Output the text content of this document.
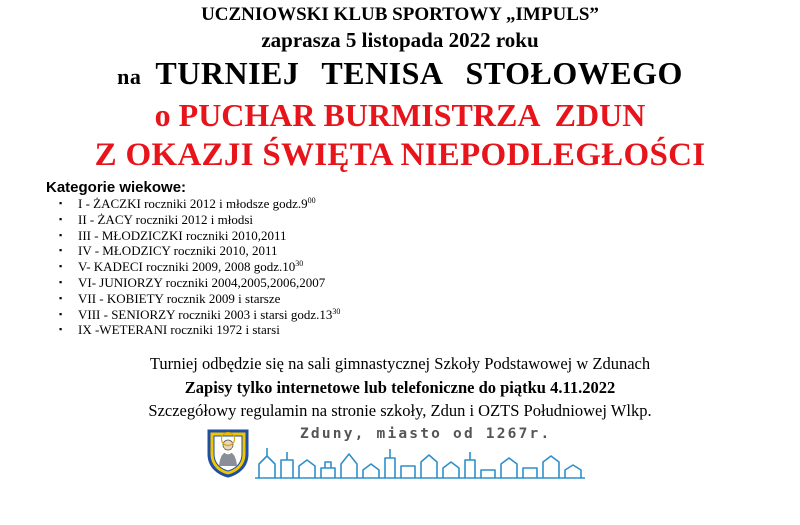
UCZNIOWSKI KLUB SPORTOWY „IMPULS”
zaprasza 5 listopada 2022 roku
na TURNIEJ TENISA STOŁOWEGO
o PUCHAR BURMISTRZA  ZDUN
Z OKAZJI ŚWIĘTA NIEPODLEGŁOŚCI
Kategorie wiekowe:
▪ I - ŻACZKI roczniki 2012 i młodsze $godz.9^{00}$
▪ II - ŻACY roczniki 2012 i młodsi
▪ III - MŁODZICZKI roczniki 2010,2011
▪ IV - MŁODZICY roczniki 2010, 2011
▪ V- KADECI roczniki 2009, 2008 $godz.10^{30}$
▪ VI- JUNIORZY roczniki 2004,2005,2006,2007
▪ VII - KOBIETY rocznik 2009 i starsze
▪ VIII - SENIORZY roczniki 2003 i starsi $godz.13^{30}$
▪ IX -WETERANI roczniki 1972 i starsi
Turniej odbędzie się na sali gimnastycznej Szkoły Podstawowej w Zdunach
Zapisy tylko internetowe lub telefoniczne do piątku 4.11.2022
Szczegółowy regulamin na stronie szkoły, Zdun i OZTS Południowej Wlkp.
Zduny, miasto od 1267r.
